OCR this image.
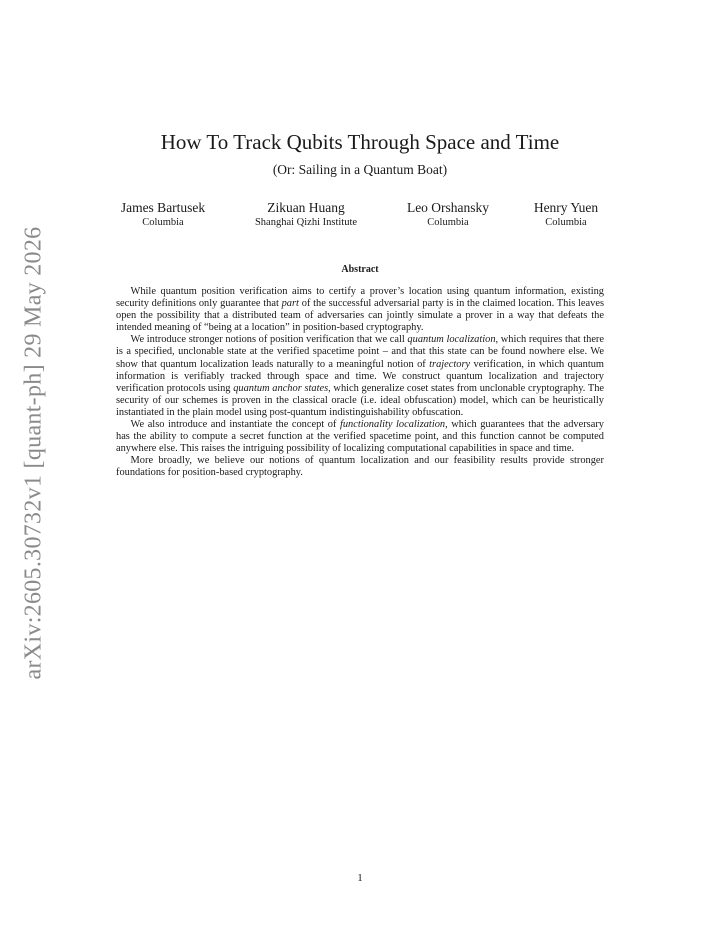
arXiv:2605.30732v1 [quant-ph] 29 May 2026
How To Track Qubits Through Space and Time
(Or: Sailing in a Quantum Boat)
James Bartusek
Columbia
Zikuan Huang
Shanghai Qizhi Institute
Leo Orshansky
Columbia
Henry Yuen
Columbia
Abstract

While quantum position verification aims to certify a prover’s location using quantum information, existing security definitions only guarantee that part of the successful adversarial party is in the claimed location. This leaves open the possibility that a distributed team of adversaries can jointly simulate a prover in a way that defeats the intended meaning of “being at a location” in position-based cryptography.

We introduce stronger notions of position verification that we call quantum localization, which requires that there is a specified, unclonable state at the verified spacetime point – and that this state can be found nowhere else. We show that quantum localization leads naturally to a meaningful notion of trajectory verification, in which quantum information is verifiably tracked through space and time. We construct quantum localization and trajectory verification protocols using quantum anchor states, which generalize coset states from unclonable cryptography. The security of our schemes is proven in the classical oracle (i.e. ideal obfuscation) model, which can be heuristically instantiated in the plain model using post-quantum indistinguishability obfuscation.

We also introduce and instantiate the concept of functionality localization, which guarantees that the adversary has the ability to compute a secret function at the verified spacetime point, and this function cannot be computed anywhere else. This raises the intriguing possibility of localizing computational capabilities in space and time.

More broadly, we believe our notions of quantum localization and our feasibility results provide stronger foundations for position-based cryptography.

1
